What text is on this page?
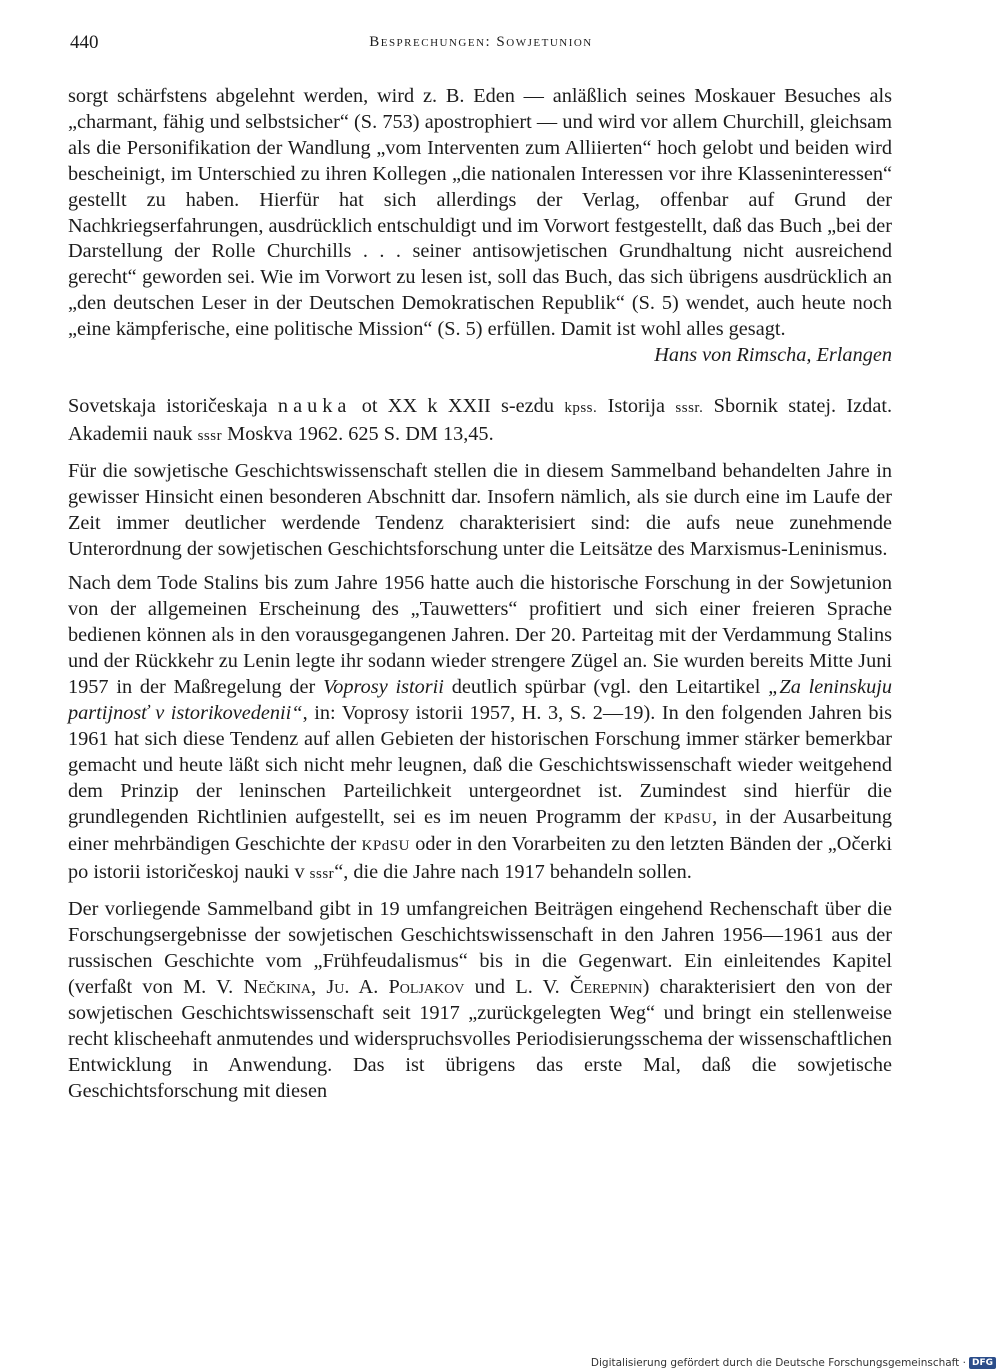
440	Besprechungen: Sowjetunion

sorgt schärfstens abgelehnt werden, wird z. B. Eden — anläßlich seines Moskauer Besuches als „charmant, fähig und selbstsicher“ (S. 753) apostrophiert — und wird vor allem Churchill, gleichsam als die Personifikation der Wandlung „vom Interventen zum Alliierten“ hoch gelobt und beiden wird bescheinigt, im Unterschied zu ihren Kollegen „die nationalen Interessen vor ihre Klasseninteressen“ gestellt zu haben. Hierfür hat sich allerdings der Verlag, offenbar auf Grund der Nachkriegserfahrungen, ausdrücklich entschuldigt und im Vorwort festgestellt, daß das Buch „bei der Darstellung der Rolle Churchills . . . seiner antisowjetischen Grundhaltung nicht ausreichend gerecht“ geworden sei. Wie im Vorwort zu lesen ist, soll das Buch, das sich übrigens ausdrücklich an „den deutschen Leser in der Deutschen Demokratischen Republik“ (S. 5) wendet, auch heute noch „eine kämpferische, eine politische Mission“ (S. 5) erfüllen. Damit ist wohl alles gesagt.

Hans von Rimscha, Erlangen

Sovetskaja istoričeskaja nauka ot XX k XXII s-ezdu kpss. Istorija sssr. Sbornik statej. Izdat. Akademii nauk sssr Moskva 1962. 625 S. DM 13,45.

Für die sowjetische Geschichtswissenschaft stellen die in diesem Sammelband behandelten Jahre in gewisser Hinsicht einen besonderen Abschnitt dar. Insofern nämlich, als sie durch eine im Laufe der Zeit immer deutlicher werdende Tendenz charakterisiert sind: die aufs neue zunehmende Unterordnung der sowjetischen Geschichtsforschung unter die Leitsätze des Marxismus-Leninismus.

Nach dem Tode Stalins bis zum Jahre 1956 hatte auch die historische Forschung in der Sowjetunion von der allgemeinen Erscheinung des „Tauwetters“ profitiert und sich einer freieren Sprache bedienen können als in den vorausgegangenen Jahren. Der 20. Parteitag mit der Verdammung Stalins und der Rückkehr zu Lenin legte ihr sodann wieder strengere Zügel an. Sie wurden bereits Mitte Juni 1957 in der Maßregelung der Voprosy istorii deutlich spürbar (vgl. den Leitartikel „Za leninskuju partijnosť v istorikovedenii“, in: Voprosy istorii 1957, H. 3, S. 2—19). In den folgenden Jahren bis 1961 hat sich diese Tendenz auf allen Gebieten der historischen Forschung immer stärker bemerkbar gemacht und heute läßt sich nicht mehr leugnen, daß die Geschichtswissenschaft wieder weitgehend dem Prinzip der leninschen Parteilichkeit untergeordnet ist. Zumindest sind hierfür die grundlegenden Richtlinien aufgestellt, sei es im neuen Programm der KPdSU, in der Ausarbeitung einer mehrbändigen Geschichte der KPdSU oder in den Vorarbeiten zu den letzten Bänden der „Očerki po istorii istoričeskoj nauki v sssr“, die die Jahre nach 1917 behandeln sollen.

Der vorliegende Sammelband gibt in 19 umfangreichen Beiträgen eingehend Rechenschaft über die Forschungsergebnisse der sowjetischen Geschichtswissenschaft in den Jahren 1956—1961 aus der russischen Geschichte vom „Frühfeudalismus“ bis in die Gegenwart. Ein einleitendes Kapitel (verfaßt von M. V. Nečkina, Ju. A. Poljakov und L. V. Čerepnin) charakterisiert den von der sowjetischen Geschichtswissenschaft seit 1917 „zurückgelegten Weg“ und bringt ein stellenweise recht klischeehaft anmutendes und widerspruchsvolles Periodisierungsschema der wissenschaftlichen Entwicklung in Anwendung. Das ist übrigens das erste Mal, daß die sowjetische Geschichtsforschung mit diesen

Digitalisierung gefördert durch die Deutsche Forschungsgemeinschaft · DFG
